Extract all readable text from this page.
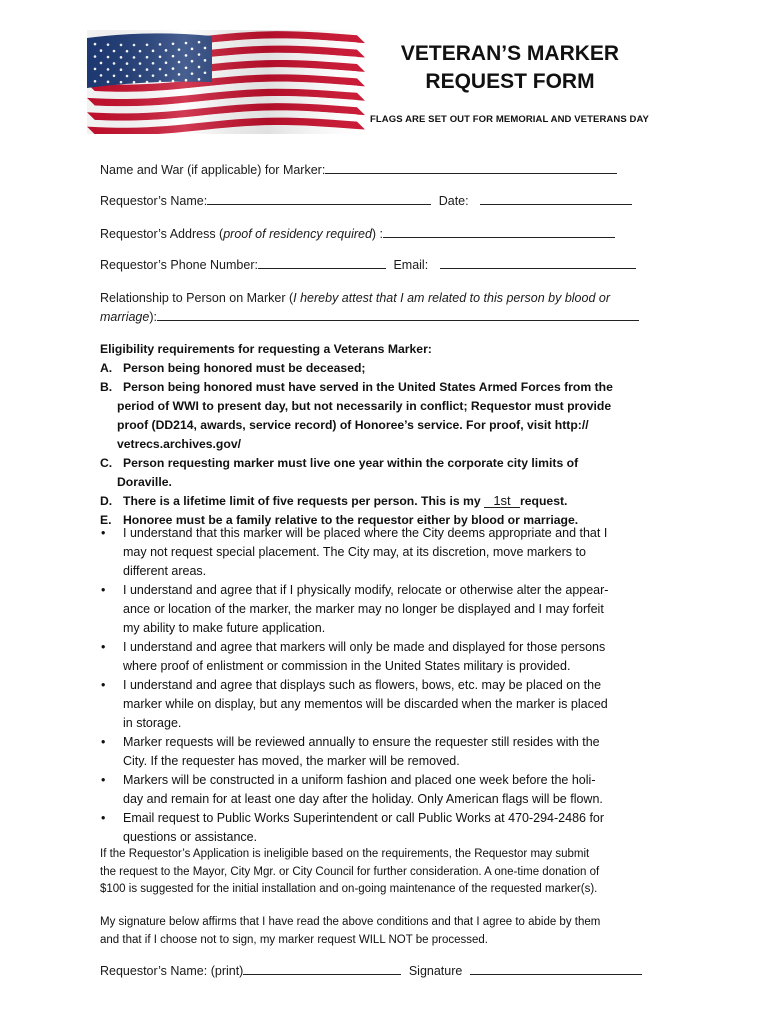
VETERAN’S MARKER
REQUEST FORM
FLAGS ARE SET OUT FOR MEMORIAL AND VETERANS DAY
Name and War (if applicable) for Marker:
Requestor’s Name:	Date:
Requestor’s Address (proof of residency required) :
Requestor’s Phone Number:	Email:
Relationship to Person on Marker (I hereby attest that I am related to this person by blood or
marriage):
Eligibility requirements for requesting a Veterans Marker:
A. Person being honored must be deceased;
B. Person being honored must have served in the United States Armed Forces from the
period of WWI to present day, but not necessarily in conflict; Requestor must provide
proof (DD214, awards, service record) of Honoree’s service. For proof, visit http://
vetrecs.archives.gov/
C. Person requesting marker must live one year within the corporate city limits of
Doraville.
D. There is a lifetime limit of five requests per person. This is my 1st request.
E. Honoree must be a family relative to the requestor either by blood or marriage.
• I understand that this marker will be placed where the City deems appropriate and that I
may not request special placement. The City may, at its discretion, move markers to
different areas.
• I understand and agree that if I physically modify, relocate or otherwise alter the appear-
ance or location of the marker, the marker may no longer be displayed and I may forfeit
my ability to make future application.
• I understand and agree that markers will only be made and displayed for those persons
where proof of enlistment or commission in the United States military is provided.
• I understand and agree that displays such as flowers, bows, etc. may be placed on the
marker while on display, but any mementos will be discarded when the marker is placed
in storage.
• Marker requests will be reviewed annually to ensure the requester still resides with the
City. If the requester has moved, the marker will be removed.
• Markers will be constructed in a uniform fashion and placed one week before the holi-
day and remain for at least one day after the holiday. Only American flags will be flown.
• Email request to Public Works Superintendent or call Public Works at 470-294-2486 for
questions or assistance.
If the Requestor’s Application is ineligible based on the requirements, the Requestor may submit
the request to the Mayor, City Mgr. or City Council for further consideration. A one-time donation of
$100 is suggested for the initial installation and on-going maintenance of the requested marker(s).
My signature below affirms that I have read the above conditions and that I agree to abide by them
and that if I choose not to sign, my marker request WILL NOT be processed.
Requestor’s Name: (print)	Signature
